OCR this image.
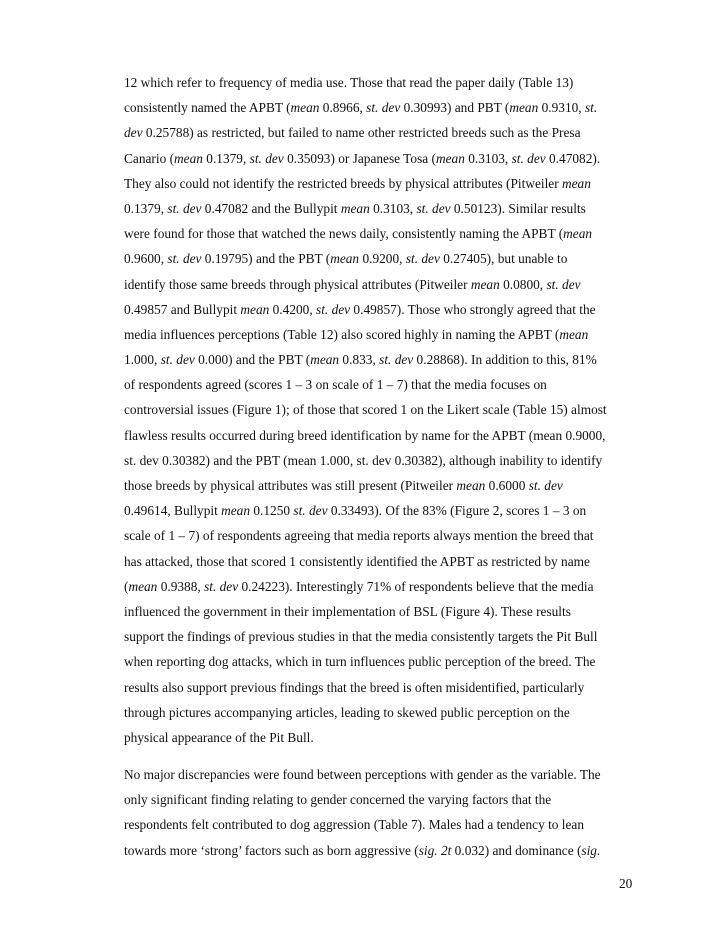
12 which refer to frequency of media use. Those that read the paper daily (Table 13)
consistently named the APBT (mean 0.8966, st. dev 0.30993) and PBT (mean 0.9310, st.
dev 0.25788) as restricted, but failed to name other restricted breeds such as the Presa
Canario (mean 0.1379, st. dev 0.35093) or Japanese Tosa (mean 0.3103, st. dev 0.47082).
They also could not identify the restricted breeds by physical attributes (Pitweiler mean
0.1379, st. dev 0.47082 and the Bullypit mean 0.3103, st. dev 0.50123). Similar results
were found for those that watched the news daily, consistently naming the APBT (mean
0.9600, st. dev 0.19795) and the PBT (mean 0.9200, st. dev 0.27405), but unable to
identify those same breeds through physical attributes (Pitweiler mean 0.0800, st. dev
0.49857 and Bullypit mean 0.4200, st. dev 0.49857). Those who strongly agreed that the
media influences perceptions (Table 12) also scored highly in naming the APBT (mean
1.000, st. dev 0.000) and the PBT (mean 0.833, st. dev 0.28868). In addition to this, 81%
of respondents agreed (scores 1 – 3 on scale of 1 – 7) that the media focuses on
controversial issues (Figure 1); of those that scored 1 on the Likert scale (Table 15) almost
flawless results occurred during breed identification by name for the APBT (mean 0.9000,
st. dev 0.30382) and the PBT (mean 1.000, st. dev 0.30382), although inability to identify
those breeds by physical attributes was still present (Pitweiler mean 0.6000 st. dev
0.49614, Bullypit mean 0.1250 st. dev 0.33493). Of the 83% (Figure 2, scores 1 – 3 on
scale of 1 – 7) of respondents agreeing that media reports always mention the breed that
has attacked, those that scored 1 consistently identified the APBT as restricted by name
(mean 0.9388, st. dev 0.24223). Interestingly 71% of respondents believe that the media
influenced the government in their implementation of BSL (Figure 4). These results
support the findings of previous studies in that the media consistently targets the Pit Bull
when reporting dog attacks, which in turn influences public perception of the breed. The
results also support previous findings that the breed is often misidentified, particularly
through pictures accompanying articles, leading to skewed public perception on the
physical appearance of the Pit Bull.
No major discrepancies were found between perceptions with gender as the variable. The
only significant finding relating to gender concerned the varying factors that the
respondents felt contributed to dog aggression (Table 7). Males had a tendency to lean
towards more ‘strong’ factors such as born aggressive (sig. 2t 0.032) and dominance (sig.
20
